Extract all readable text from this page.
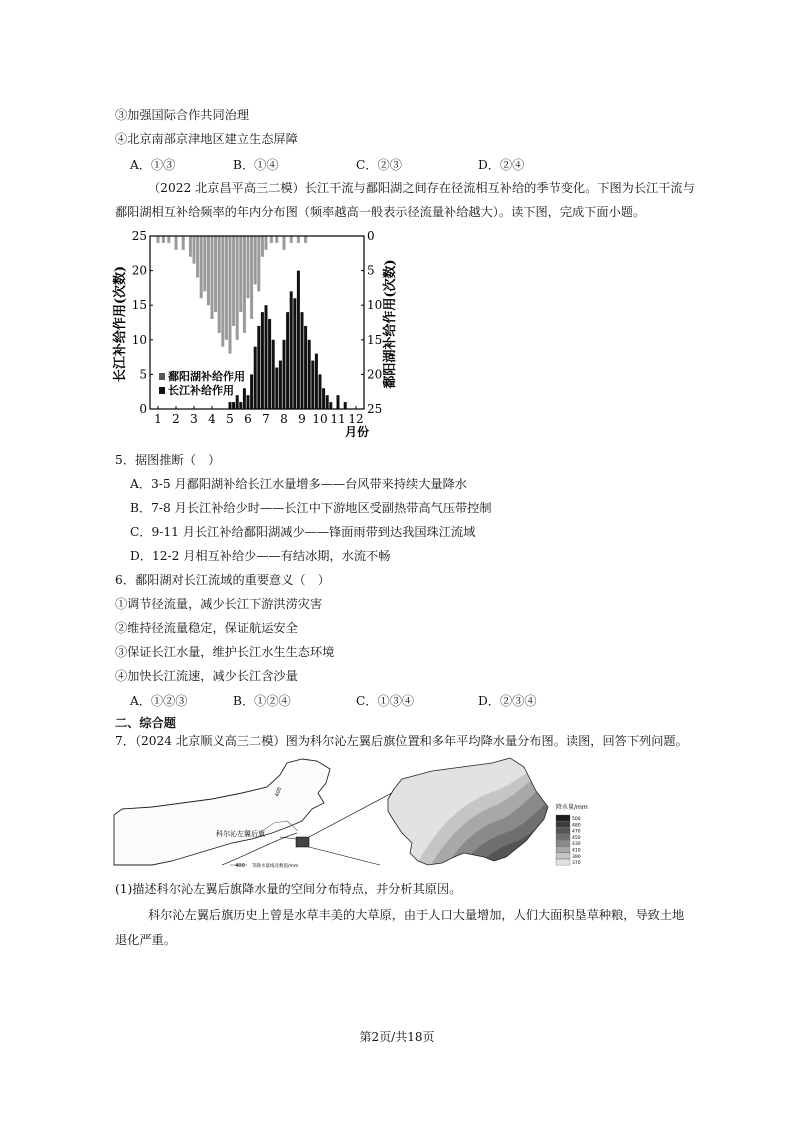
③加强国际合作共同治理
④北京南部京津地区建立生态屏障
A．①③	B．①④	C．②③	D．②④
（2022 北京昌平高三二模）长江干流与鄱阳湖之间存在径流相互补给的季节变化。下图为长江干流与
鄱阳湖相互补给频率的年内分布图（频率越高一般表示径流量补给越大）。读下图，完成下面小题。
0
5
10
15
20
25	0
5
10
15
20
25
1 2 3 4 5 6 7 8 9 10 11 12
长江补给作用(次数)	鄱阳湖补给作用(次数)
月份
鄱阳湖补给作用
长江补给作用
5．据图推断（　）
A．3-5 月鄱阳湖补给长江水量增多——台风带来持续大量降水
B．7-8 月长江补给少时——长江中下游地区受副热带高气压带控制
C．9-11 月长江补给鄱阳湖减少——锋面雨带到达我国珠江流域
D．12-2 月相互补给少——有结冰期，水流不畅
6．鄱阳湖对长江流域的重要意义（　）
①调节径流量，减少长江下游洪涝灾害
②维持径流量稳定，保证航运安全
③保证长江水量，维护长江水生生态环境
④加快长江流速，减少长江含沙量
A．①②③	B．①②④	C．①③④	D．②③④
二、综合题
7．（2024 北京顺义高三二模）图为科尔沁左翼后旗位置和多年平均降水量分布图。读图，回答下列问题。
400
400 等降水量线及数值/mm
科尔沁左翼后旗
降水量/mm
500
480
470
450
430
410
390
370
(1)描述科尔沁左翼后旗降水量的空间分布特点，并分析其原因。
科尔沁左翼后旗历史上曾是水草丰美的大草原，由于人口大量增加，人们大面积垦草种粮，导致土地
退化严重。
第2页/共18页
